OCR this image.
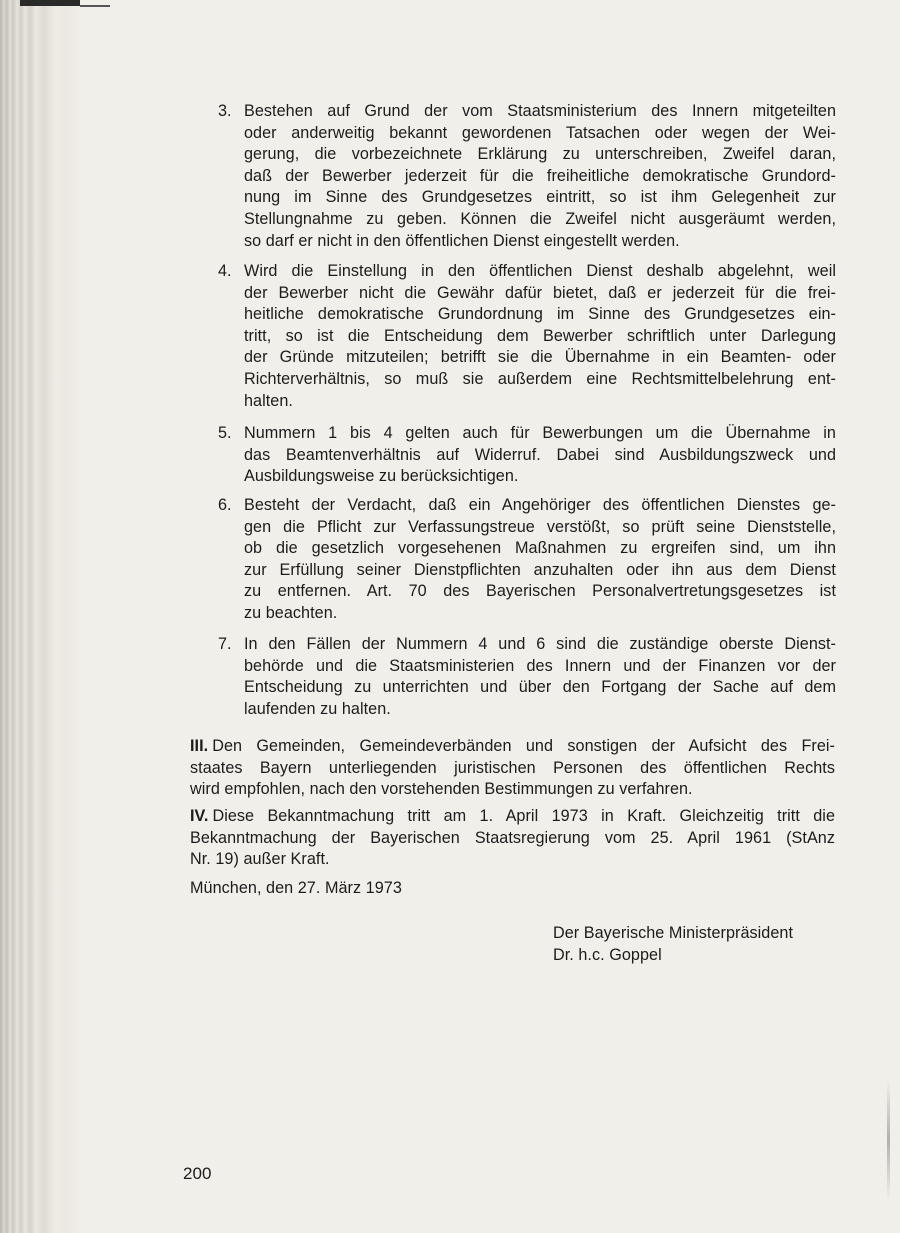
3. Bestehen auf Grund der vom Staatsministerium des Innern mitgeteilten
oder anderweitig bekannt gewordenen Tatsachen oder wegen der Wei-
gerung, die vorbezeichnete Erklärung zu unterschreiben, Zweifel daran,
daß der Bewerber jederzeit für die freiheitliche demokratische Grundord-
nung im Sinne des Grundgesetzes eintritt, so ist ihm Gelegenheit zur
Stellungnahme zu geben. Können die Zweifel nicht ausgeräumt werden,
so darf er nicht in den öffentlichen Dienst eingestellt werden.
4. Wird die Einstellung in den öffentlichen Dienst deshalb abgelehnt, weil
der Bewerber nicht die Gewähr dafür bietet, daß er jederzeit für die frei-
heitliche demokratische Grundordnung im Sinne des Grundgesetzes ein-
tritt, so ist die Entscheidung dem Bewerber schriftlich unter Darlegung
der Gründe mitzuteilen; betrifft sie die Übernahme in ein Beamten- oder
Richterverhältnis, so muß sie außerdem eine Rechtsmittelbelehrung ent-
halten.
5. Nummern 1 bis 4 gelten auch für Bewerbungen um die Übernahme in
das Beamtenverhältnis auf Widerruf. Dabei sind Ausbildungszweck und
Ausbildungsweise zu berücksichtigen.
6. Besteht der Verdacht, daß ein Angehöriger des öffentlichen Dienstes ge-
gen die Pflicht zur Verfassungstreue verstößt, so prüft seine Dienststelle,
ob die gesetzlich vorgesehenen Maßnahmen zu ergreifen sind, um ihn
zur Erfüllung seiner Dienstpflichten anzuhalten oder ihn aus dem Dienst
zu entfernen. Art. 70 des Bayerischen Personalvertretungsgesetzes ist
zu beachten.
7. In den Fällen der Nummern 4 und 6 sind die zuständige oberste Dienst-
behörde und die Staatsministerien des Innern und der Finanzen vor der
Entscheidung zu unterrichten und über den Fortgang der Sache auf dem
laufenden zu halten.
III. Den Gemeinden, Gemeindeverbänden und sonstigen der Aufsicht des Frei-
staates Bayern unterliegenden juristischen Personen des öffentlichen Rechts
wird empfohlen, nach den vorstehenden Bestimmungen zu verfahren.
IV. Diese Bekanntmachung tritt am 1. April 1973 in Kraft. Gleichzeitig tritt die
Bekanntmachung der Bayerischen Staatsregierung vom 25. April 1961 (StAnz
Nr. 19) außer Kraft.
München, den 27. März 1973
Der Bayerische Ministerpräsident
Dr. h.c. Goppel
200
